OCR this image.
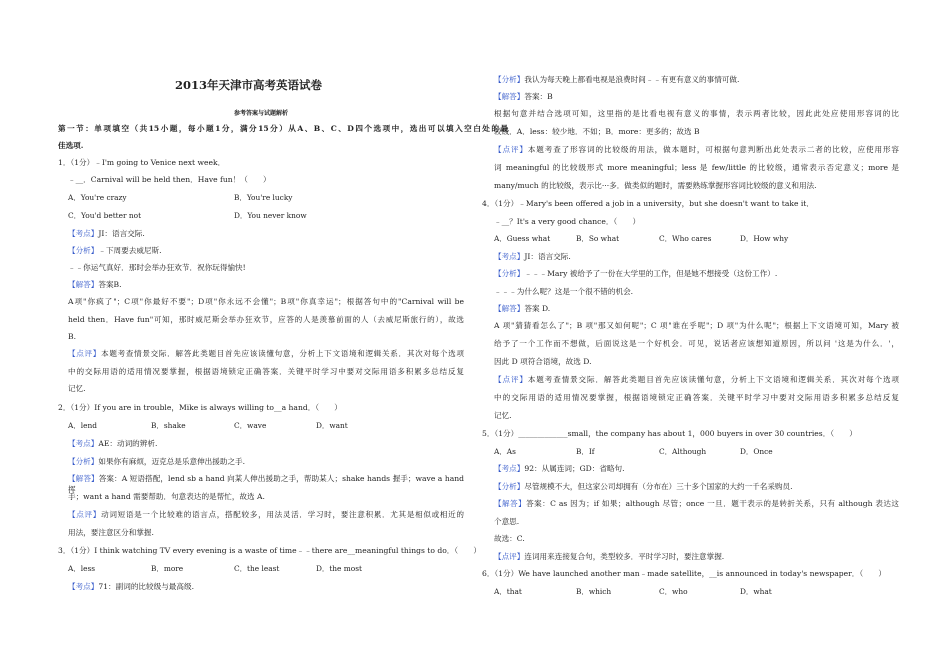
2013年天津市高考英语试卷
参考答案与试题解析
第一节：单项填空（共15小题，每小题1分，满分15分）从A、B、C、D四个选项中，选出可以填入空白处的最
佳选项.
1．（1分）﹣I'm going to Venice next week．
﹣__．Carnival will be held then．Have fun！（　　）
A．You're crazy	B．You're lucky
C．You'd better not	D．You never know
【考点】JI：语言交际.
【分析】﹣下周要去威尼斯.
﹣﹣你运气真好．那时会举办狂欢节．祝你玩得愉快!
【解答】答案B.
A项"你疯了"；C项"你最好不要"；D项"你永远不会懂"；B项"你真幸运"；根据答句中的"Carnival will be
held then．Have fun"可知，那时威尼斯会举办狂欢节，应答的人是羡慕前面的人（去威尼斯旅行的），故选
B.
【点评】本题考查情景交际．解答此类题目首先应该读懂句意，分析上下文语境和逻辑关系．其次对每个选项
中的交际用语的适用情况要掌握，根据语境锁定正确答案．关键平时学习中要对交际用语多积累多总结反复
记忆.
2．（1分）If you are in trouble，Mike is always willing to__a hand．（　　）
A．lend	B．shake	C．wave	D．want
【考点】AE：动词的辨析.
【分析】如果你有麻烦，迈克总是乐意伸出援助之手.
【解答】答案：A 短语搭配，lend sb a hand 向某人伸出援助之手，帮助某人；shake hands 握手；wave a hand 挥
手；want a hand 需要帮助．句意表达的是帮忙，故选 A.
【点评】动词短语是一个比较难的语言点，搭配较多，用法灵活．学习时，要注意积累．尤其是相似或相近的
用法，要注意区分和掌握.
3．（1分）I think watching TV every evening is a waste of time﹣﹣there are__meaningful things to do．（　　）
A．less	B．more	C．the least	D．the most
【考点】71：副词的比较级与最高级.
【分析】我认为每天晚上都看电视是浪费时间﹣﹣有更有意义的事情可做.
【解答】答案：B
根据句意并结合选项可知，这里指的是比看电视有意义的事情，表示两者比较，因此此处应使用形容词的比
较级．A．less：较少地．不如；B．more：更多的；故选 B
【点评】本题考查了形容词的比较级的用法，做本题时，可根据句意判断出此处表示二者的比较，应使用形容
词 meaningful 的比较级形式 more meaningful；less 是 few/little 的比较级，通常表示否定意义；more 是
many/much 的比较级，表示比···多．做类似的题时，需要熟练掌握形容词比较级的意义和用法.
4．（1分）﹣Mary's been offered a job in a university，but she doesn't want to take it．
﹣__？It's a very good chance．（　　）
A．Guess what	B．So what	C．Who cares	D．How why
【考点】JI：语言交际.
【分析】﹣﹣﹣Mary 被给予了一份在大学里的工作，但是她不想接受（这份工作）.
﹣﹣﹣为什么呢？这是一个很不错的机会.
【解答】答案 D.
A 项"猜猜看怎么了"；B 项"那又如何呢"；C 项"谁在乎呢"；D 项"为什么呢"；根据上下文语境可知，Mary 被
给予了一个工作而不想做，后面说这是一个好机会．可见，说话者应该想知道原因，所以问 '这是为什么．'，
因此 D 项符合语境，故选 D.
【点评】本题考查情景交际．解答此类题目首先应该读懂句意，分析上下文语境和逻辑关系．其次对每个选项
中的交际用语的适用情况要掌握，根据语境锁定正确答案．关键平时学习中要对交际用语多积累多总结反复
记忆.
5．（1分）_____________small，the company has about 1，000 buyers in over 30 countries．（　　）
A．As	B．If	C．Although	D．Once
【考点】92：从属连词；GD：省略句.
【分析】尽管规模不大，但这家公司却拥有（分布在）三十多个国家的大约一千名采购员.
【解答】答案：C as 因为；if 如果；although 尽管；once 一旦．题干表示的是转折关系，只有 although 表达这
个意思.
故选：C.
【点评】连词用来连接复合句，类型较多．平时学习时，要注意掌握.
6．（1分）We have launched another man﹣made satellite，__is announced in today's newspaper．（　　）
A．that	B．which	C．who	D．what
